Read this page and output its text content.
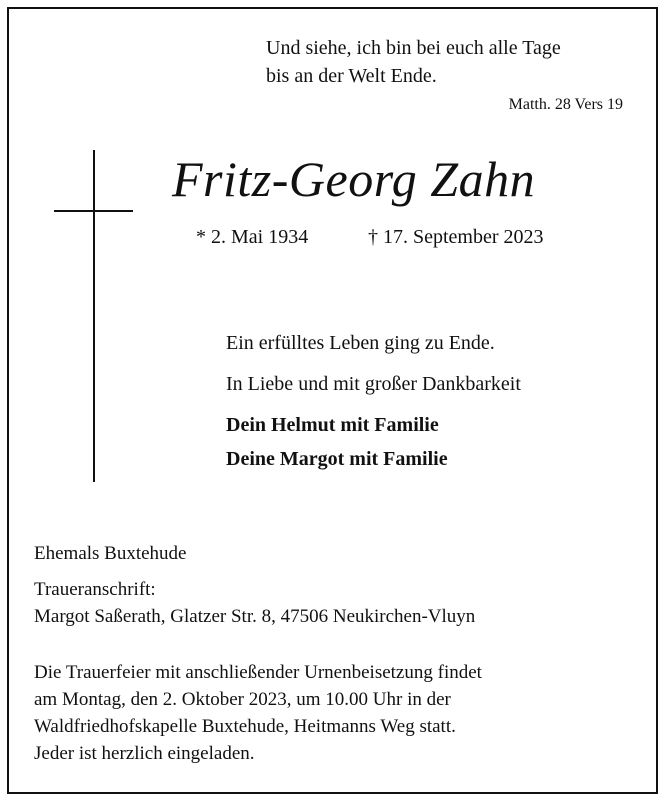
Und siehe, ich bin bei euch alle Tage
bis an der Welt Ende.
Matth. 28 Vers 19
Fritz-Georg Zahn
* 2. Mai 1934	† 17. September 2023
Ein erfülltes Leben ging zu Ende.
In Liebe und mit großer Dankbarkeit
Dein Helmut mit Familie
Deine Margot mit Familie
Ehemals Buxtehude
Traueranschrift:
Margot Saßerath, Glatzer Str. 8, 47506 Neukirchen-Vluyn
Die Trauerfeier mit anschließender Urnenbeisetzung findet
am Montag, den 2. Oktober 2023, um 10.00 Uhr in der
Waldfriedhofskapelle Buxtehude, Heitmanns Weg statt.
Jeder ist herzlich eingeladen.
